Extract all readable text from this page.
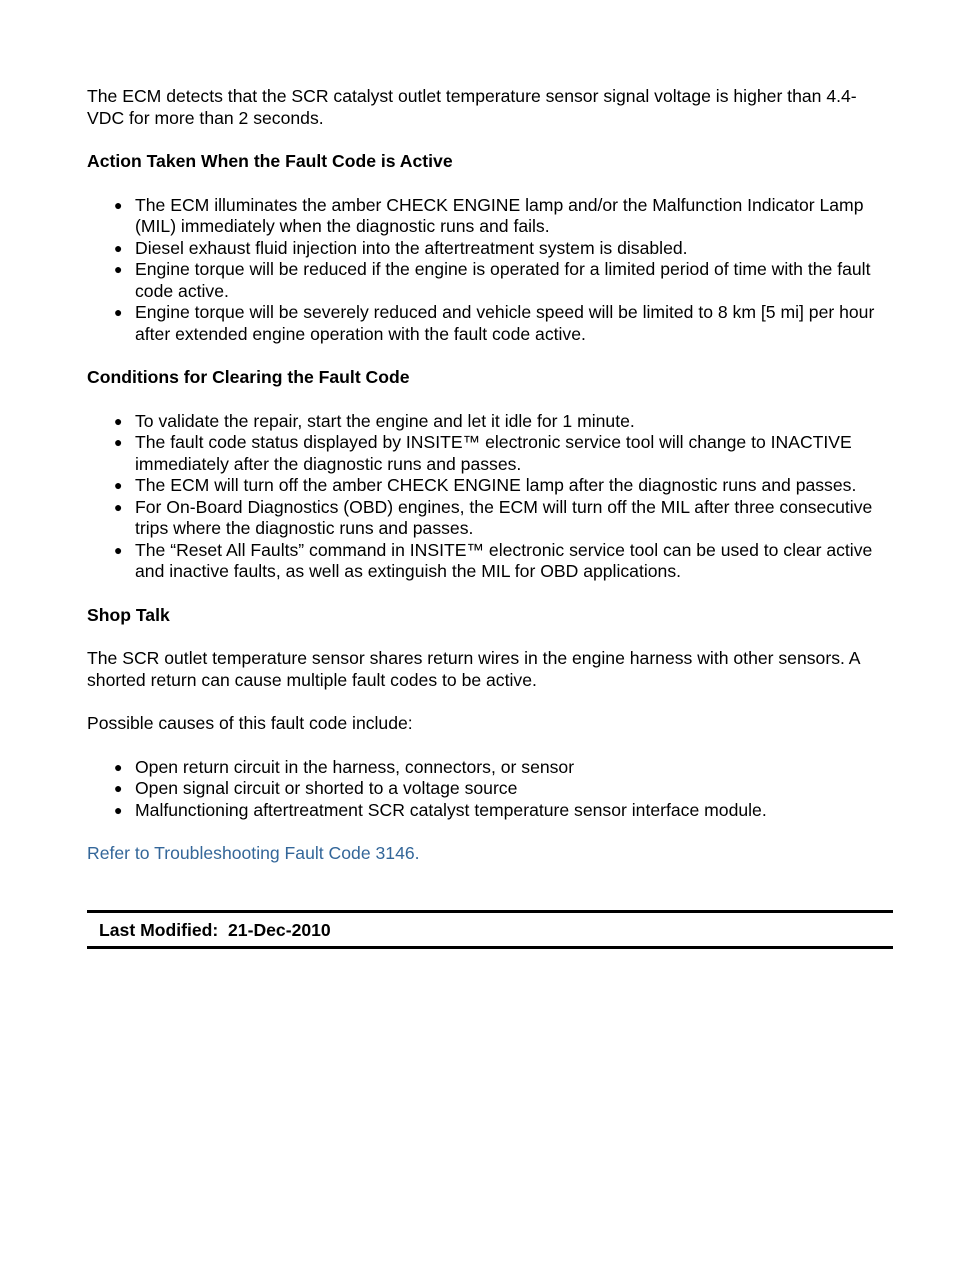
The ECM detects that the SCR catalyst outlet temperature sensor signal voltage is higher than 4.4-VDC for more than 2 seconds.

Action Taken When the Fault Code is Active
● The ECM illuminates the amber CHECK ENGINE lamp and/or the Malfunction Indicator Lamp (MIL) immediately when the diagnostic runs and fails.
● Diesel exhaust fluid injection into the aftertreatment system is disabled.
● Engine torque will be reduced if the engine is operated for a limited period of time with the fault code active.
● Engine torque will be severely reduced and vehicle speed will be limited to 8 km [5 mi] per hour after extended engine operation with the fault code active.
Conditions for Clearing the Fault Code
● To validate the repair, start the engine and let it idle for 1 minute.
● The fault code status displayed by INSITE™ electronic service tool will change to INACTIVE immediately after the diagnostic runs and passes.
● The ECM will turn off the amber CHECK ENGINE lamp after the diagnostic runs and passes.
● For On-Board Diagnostics (OBD) engines, the ECM will turn off the MIL after three consecutive trips where the diagnostic runs and passes.
● The “Reset All Faults” command in INSITE™ electronic service tool can be used to clear active and inactive faults, as well as extinguish the MIL for OBD applications.
Shop Talk

The SCR outlet temperature sensor shares return wires in the engine harness with other sensors. A shorted return can cause multiple fault codes to be active.

Possible causes of this fault code include:

● Open return circuit in the harness, connectors, or sensor
● Open signal circuit or shorted to a voltage source
● Malfunctioning aftertreatment SCR catalyst temperature sensor interface module.

Refer to Troubleshooting Fault Code 3146.

Last Modified:  21-Dec-2010
